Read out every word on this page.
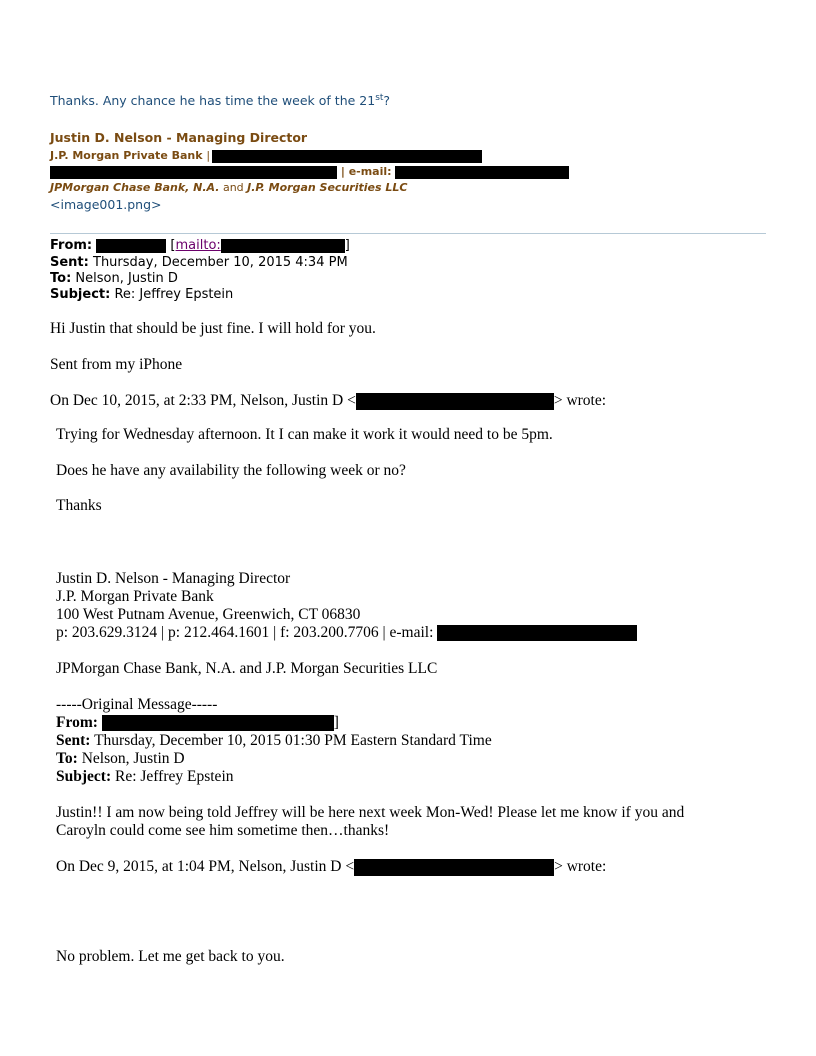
Thanks. Any chance he has time the week of the 21st?
Justin D. Nelson - Managing Director
J.P. Morgan Private Bank |
| e-mail:
JPMorgan Chase Bank, N.A. and J.P. Morgan Securities LLC
<image001.png>
From:	[mailto:	]
Sent: Thursday, December 10, 2015 4:34 PM
To: Nelson, Justin D
Subject: Re: Jeffrey Epstein
Hi Justin that should be just fine. I will hold for you.
Sent from my iPhone
On Dec 10, 2015, at 2:33 PM, Nelson, Justin D <	> wrote:
Trying for Wednesday afternoon. It I can make it work it would need to be 5pm.
Does he have any availability the following week or no?
Thanks
Justin D. Nelson - Managing Director
J.P. Morgan Private Bank
100 West Putnam Avenue, Greenwich, CT 06830
p: 203.629.3124 | p: 212.464.1601 | f: 203.200.7706 | e-mail:
JPMorgan Chase Bank, N.A. and J.P. Morgan Securities LLC
-----Original Message-----
From:	]
Sent: Thursday, December 10, 2015 01:30 PM Eastern Standard Time
To: Nelson, Justin D
Subject: Re: Jeffrey Epstein
Justin!! I am now being told Jeffrey will be here next week Mon-Wed! Please let me know if you and
Caroyln could come see him sometime then…thanks!
On Dec 9, 2015, at 1:04 PM, Nelson, Justin D <	> wrote:
No problem. Let me get back to you.
